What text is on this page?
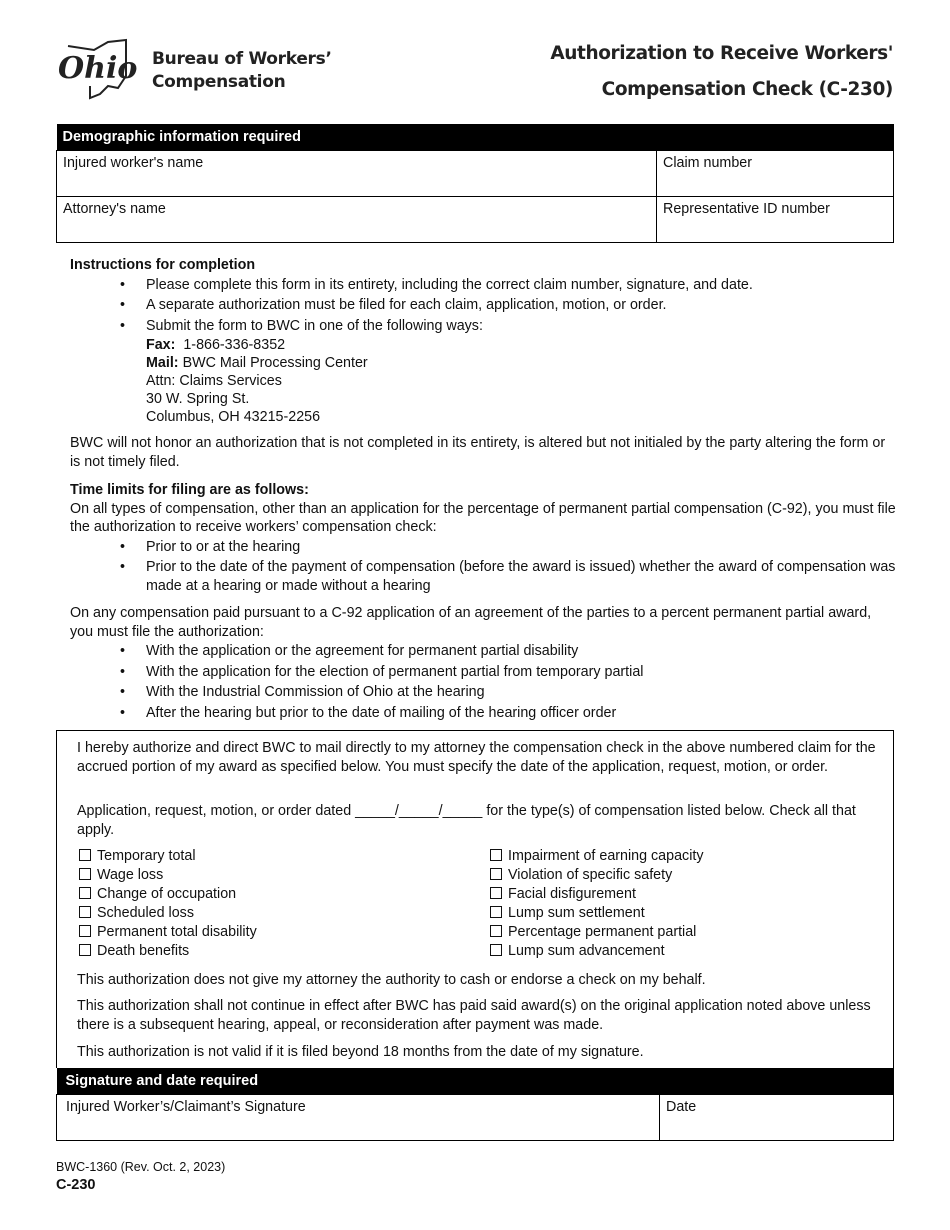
Ohio Bureau of Workers’
Compensation
Authorization to Receive Workers'
Compensation Check (C-230)
Demographic information required	
Injured worker's name	Claim number
Attorney's name	Representative ID number

Instructions for completion

• Please complete this form in its entirety, including the correct claim number, signature, and date.
• A separate authorization must be filed for each claim, application, motion, or order.
• Submit the form to BWC in one of the following ways:
Fax: 1-866-336-8352
Mail: BWC Mail Processing Center
Attn: Claims Services
30 W. Spring St.
Columbus, OH 43215-2256

BWC will not honor an authorization that is not completed in its entirety, is altered but not initialed by the party altering the form or is not timely filed.

Time limits for filing are as follows:

On all types of compensation, other than an application for the percentage of permanent partial compensation (C-92), you must file the authorization to receive workers’ compensation check:

• Prior to or at the hearing
• Prior to the date of the payment of compensation (before the award is issued) whether the award of compensation was made at a hearing or made without a hearing

On any compensation paid pursuant to a C-92 application of an agreement of the parties to a percent permanent partial award, you must file the authorization:

• With the application or the agreement for permanent partial disability
• With the application for the election of permanent partial from temporary partial
• With the Industrial Commission of Ohio at the hearing
• After the hearing but prior to the date of mailing of the hearing officer order

I hereby authorize and direct BWC to mail directly to my attorney the compensation check in the above numbered claim for the accrued portion of my award as specified below. You must specify the date of the application, request, motion, or order.

Application, request, motion, or order dated _____/_____/_____ for the type(s) of compensation listed below. Check all that apply.

Temporary total
Wage loss
Change of occupation
Scheduled loss
Permanent total disability
Death benefits
Impairment of earning capacity
Violation of specific safety
Facial disfigurement
Lump sum settlement
Percentage permanent partial
Lump sum advancement

This authorization does not give my attorney the authority to cash or endorse a check on my behalf.

This authorization shall not continue in effect after BWC has paid said award(s) on the original application noted above unless there is a subsequent hearing, appeal, or reconsideration after payment was made.

This authorization is not valid if it is filed beyond 18 months from the date of my signature.

Signature and date required
Injured Worker’s/Claimant’s Signature	Date
BWC-1360 (Rev. Oct. 2, 2023)
C-230
